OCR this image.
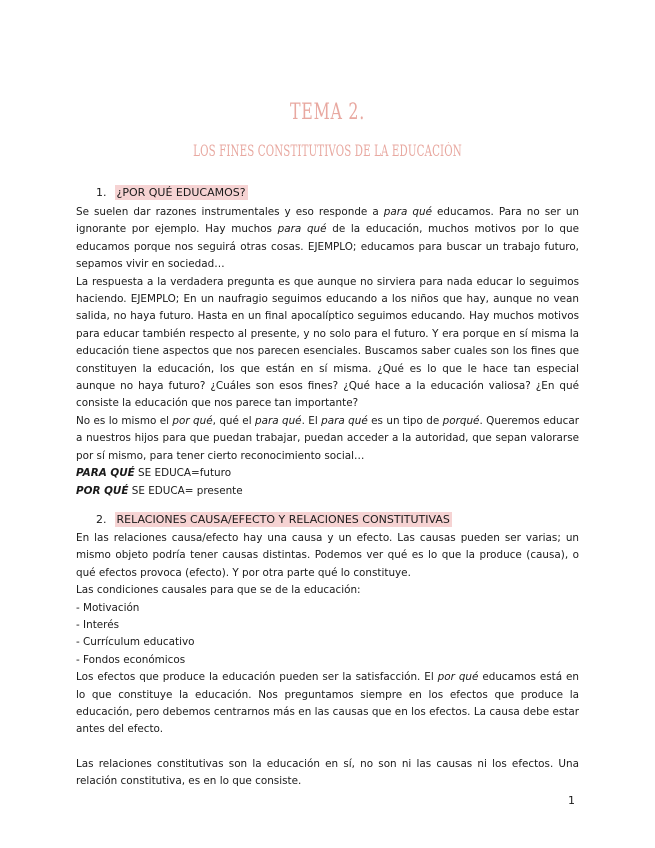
TEMA 2.
LOS FINES CONSTITUTIVOS DE LA EDUCACIÓN
1. ¿POR QUÉ EDUCAMOS?

Se suelen dar razones instrumentales y eso responde a para qué educamos. Para no ser un ignorante por ejemplo. Hay muchos para qué de la educación, muchos motivos por lo que educamos porque nos seguirá otras cosas. EJEMPLO; educamos para buscar un trabajo futuro, sepamos vivir en sociedad…

La respuesta a la verdadera pregunta es que aunque no sirviera para nada educar lo seguimos haciendo. EJEMPLO; En un naufragio seguimos educando a los niños que hay, aunque no vean salida, no haya futuro. Hasta en un final apocalíptico seguimos educando. Hay muchos motivos para educar también respecto al presente, y no solo para el futuro. Y era porque en sí misma la educación tiene aspectos que nos parecen esenciales. Buscamos saber cuales son los fines que constituyen la educación, los que están en sí misma. ¿Qué es lo que le hace tan especial aunque no haya futuro? ¿Cuáles son esos fines? ¿Qué hace a la educación valiosa? ¿En qué consiste la educación que nos parece tan importante?

No es lo mismo el por qué, qué el para qué. El para qué es un tipo de porqué. Queremos educar a nuestros hijos para que puedan trabajar, puedan acceder a la autoridad, que sepan valorarse por sí mismo, para tener cierto reconocimiento social…

PARA QUÉ SE EDUCA=futuro

POR QUÉ SE EDUCA= presente

2. RELACIONES CAUSA/EFECTO Y RELACIONES CONSTITUTIVAS

En las relaciones causa/efecto hay una causa y un efecto. Las causas pueden ser varias; un mismo objeto podría tener causas distintas. Podemos ver qué es lo que la produce (causa), o qué efectos provoca (efecto). Y por otra parte qué lo constituye.

Las condiciones causales para que se de la educación:

- Motivación

- Interés

- Currículum educativo

- Fondos económicos

Los efectos que produce la educación pueden ser la satisfacción. El por qué educamos está en lo que constituye la educación. Nos preguntamos siempre en los efectos que produce la educación, pero debemos centrarnos más en las causas que en los efectos. La causa debe estar antes del efecto.

Las relaciones constitutivas son la educación en sí, no son ni las causas ni los efectos. Una relación constitutiva, es en lo que consiste.

1
